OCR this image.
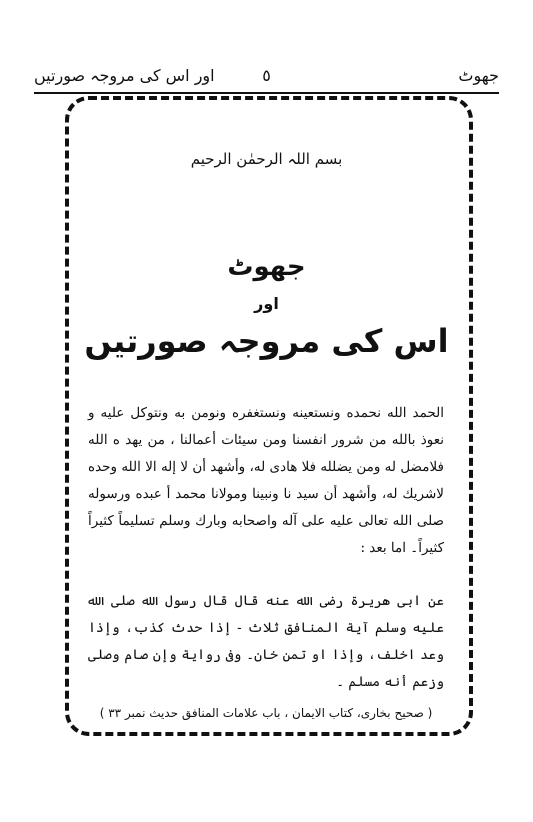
جھوٹ
٥
اور اس کی مروجہ صورتیں
بسم اللہ الرحمٰن الرحیم
جھوٹ
اور
اس کی مروجہ صورتیں
الحمد الله نحمده ونستعينه ونستغفره ونومن به ونتوكل عليه و نعوذ بالله من شرور انفسنا ومن سيئات أعمالنا ، من يهد ه الله فلامضل له ومن يضلله فلا هادى له، وأشهد أن لا إله الا الله وحده لاشريك له، وأشهد أن سيد نا ونبينا ومولانا محمد أ عبده ورسوله صلى الله تعالى عليه على آله واصحابه وبارك وسلم تسليماً كثيراً كثيراً۔ اما بعد :
عن ابى هريرة رضى الله عنه قال قال رسول الله صلى الله عليه وسلم آية المنافق ثلاث - إذا حدث كذب، وإذا وعد اخلف، وإذا او تمن خان۔ وفى رواية وإن صام وصلى وزعم أنه مسلم ۔
( صحیح بخاری، کتاب الایمان ، باب علامات المنافق حدیث نمبر ٣٣ )
